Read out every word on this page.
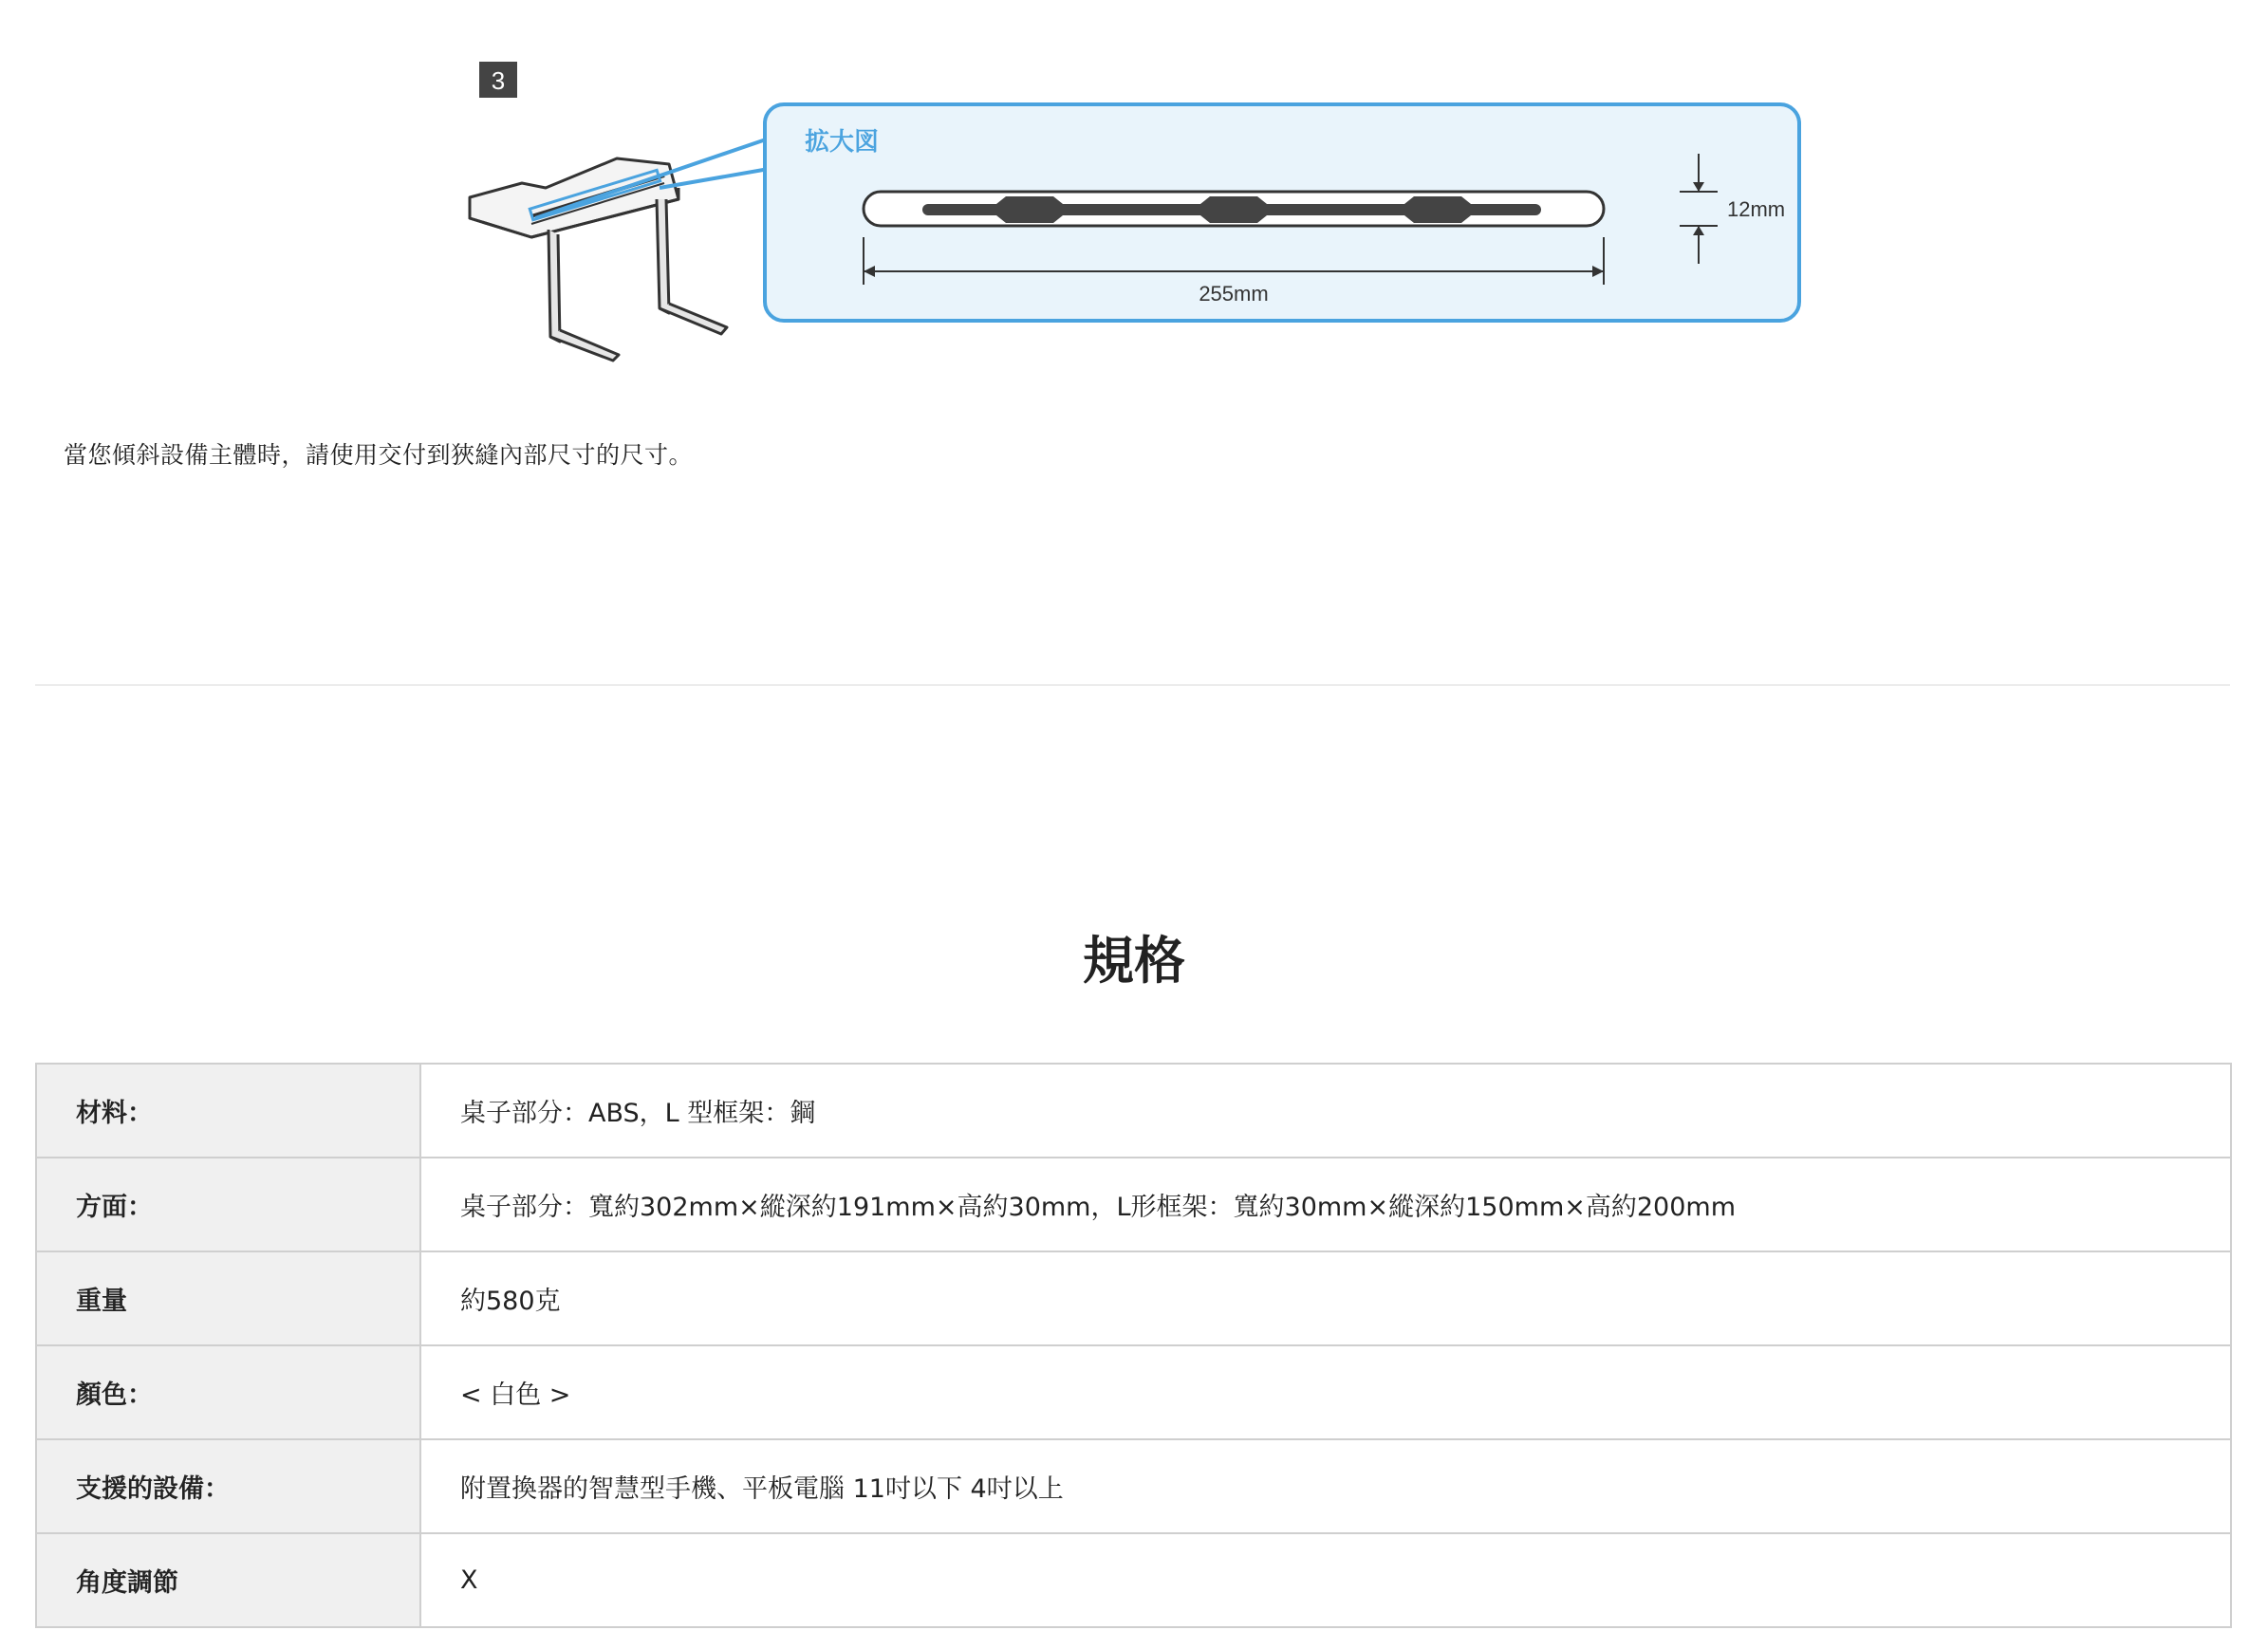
3
拡大図
12mm
255mm
當您傾斜設備主體時，請使用交付到狹縫內部尺寸的尺寸。
規格
材料：	桌子部分：ABS，L 型框架：鋼
方面：	桌子部分：寬約302mm×縱深約191mm×高約30mm，L形框架：寬約30mm×縱深約150mm×高約200mm
重量	約580克
顏色：	< 白色 >
支援的設備：	附置換器的智慧型手機、平板電腦 11吋以下 4吋以上
角度調節	X
